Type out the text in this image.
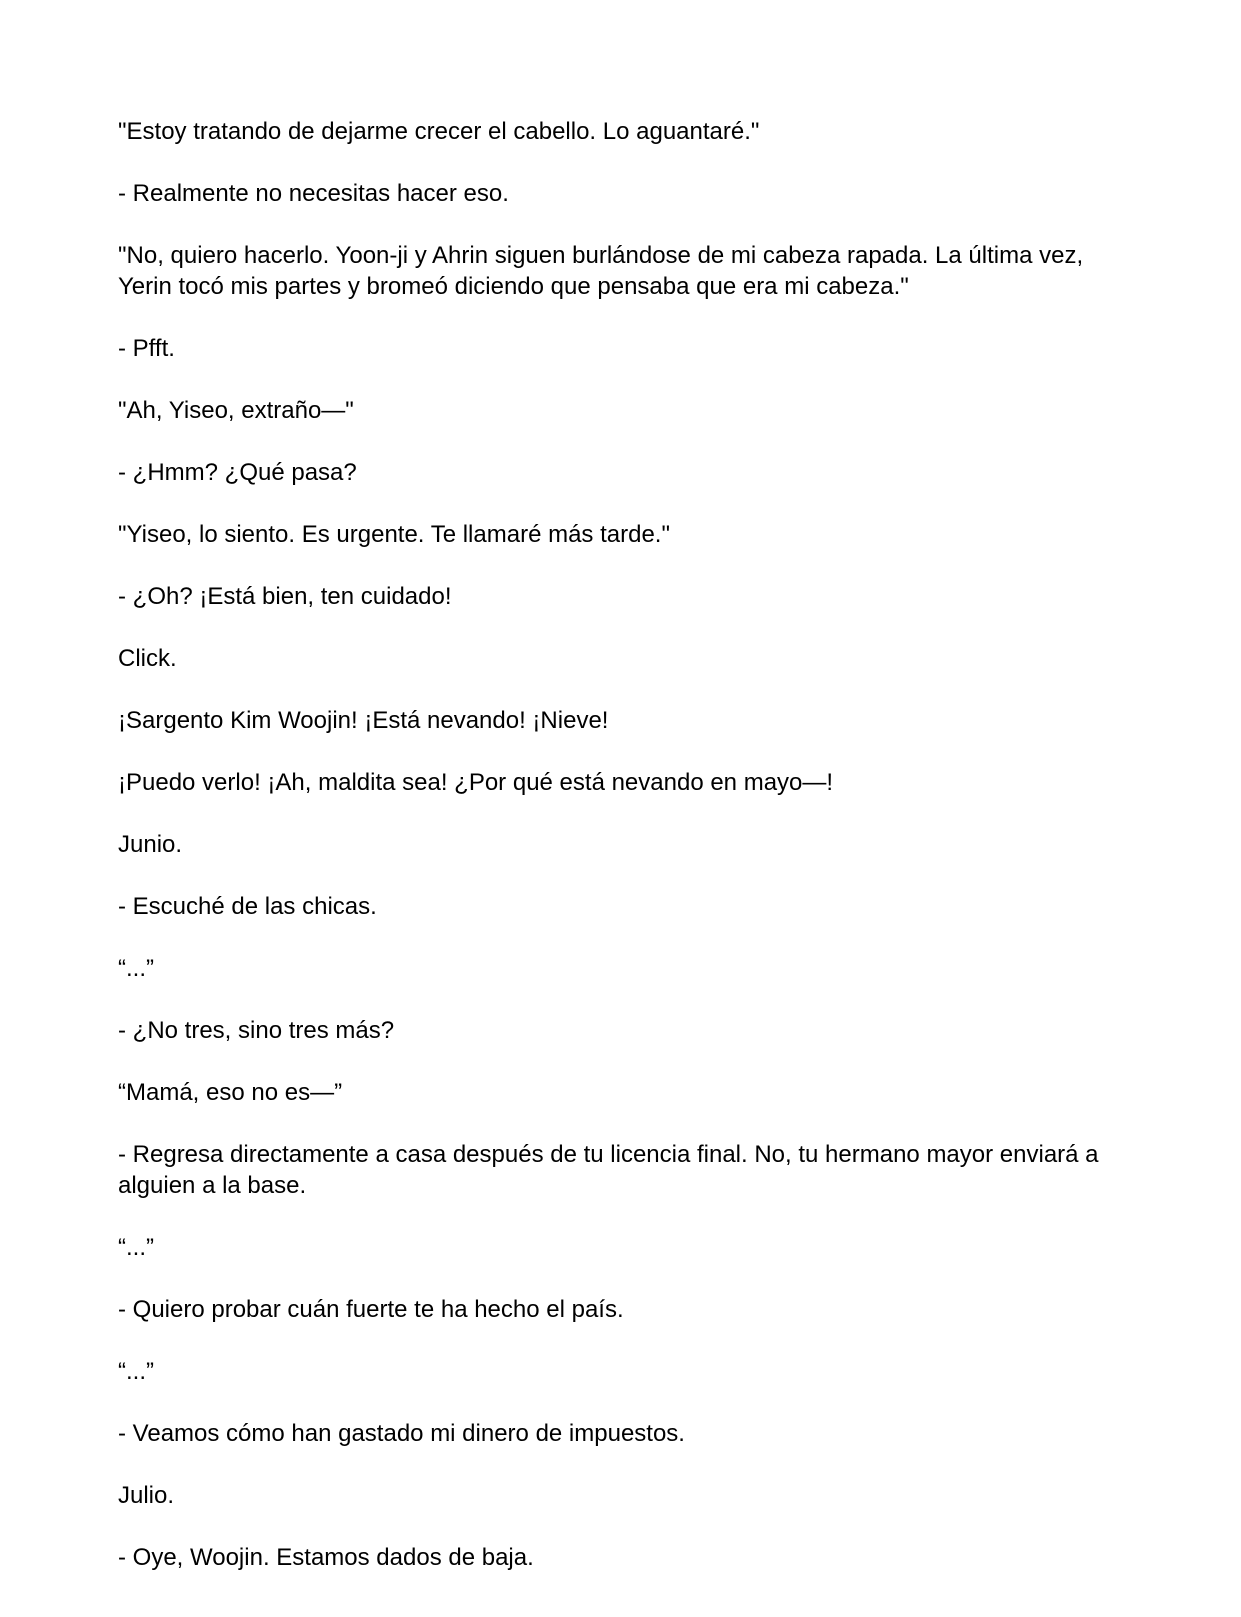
"Estoy tratando de dejarme crecer el cabello. Lo aguantaré."

- Realmente no necesitas hacer eso.

"No, quiero hacerlo. Yoon-ji y Ahrin siguen burlándose de mi cabeza rapada. La última vez, Yerin tocó mis partes y bromeó diciendo que pensaba que era mi cabeza."

- Pfft.

"Ah, Yiseo, extraño—"

- ¿Hmm? ¿Qué pasa?

"Yiseo, lo siento. Es urgente. Te llamaré más tarde."

- ¿Oh? ¡Está bien, ten cuidado!

Click.

¡Sargento Kim Woojin! ¡Está nevando! ¡Nieve!

¡Puedo verlo! ¡Ah, maldita sea! ¿Por qué está nevando en mayo—!

Junio.

- Escuché de las chicas.

“...”

- ¿No tres, sino tres más?

“Mamá, eso no es—”

- Regresa directamente a casa después de tu licencia final. No, tu hermano mayor enviará a alguien a la base.

“...”

- Quiero probar cuán fuerte te ha hecho el país.

“...”

- Veamos cómo han gastado mi dinero de impuestos.

Julio.

- Oye, Woojin. Estamos dados de baja.
